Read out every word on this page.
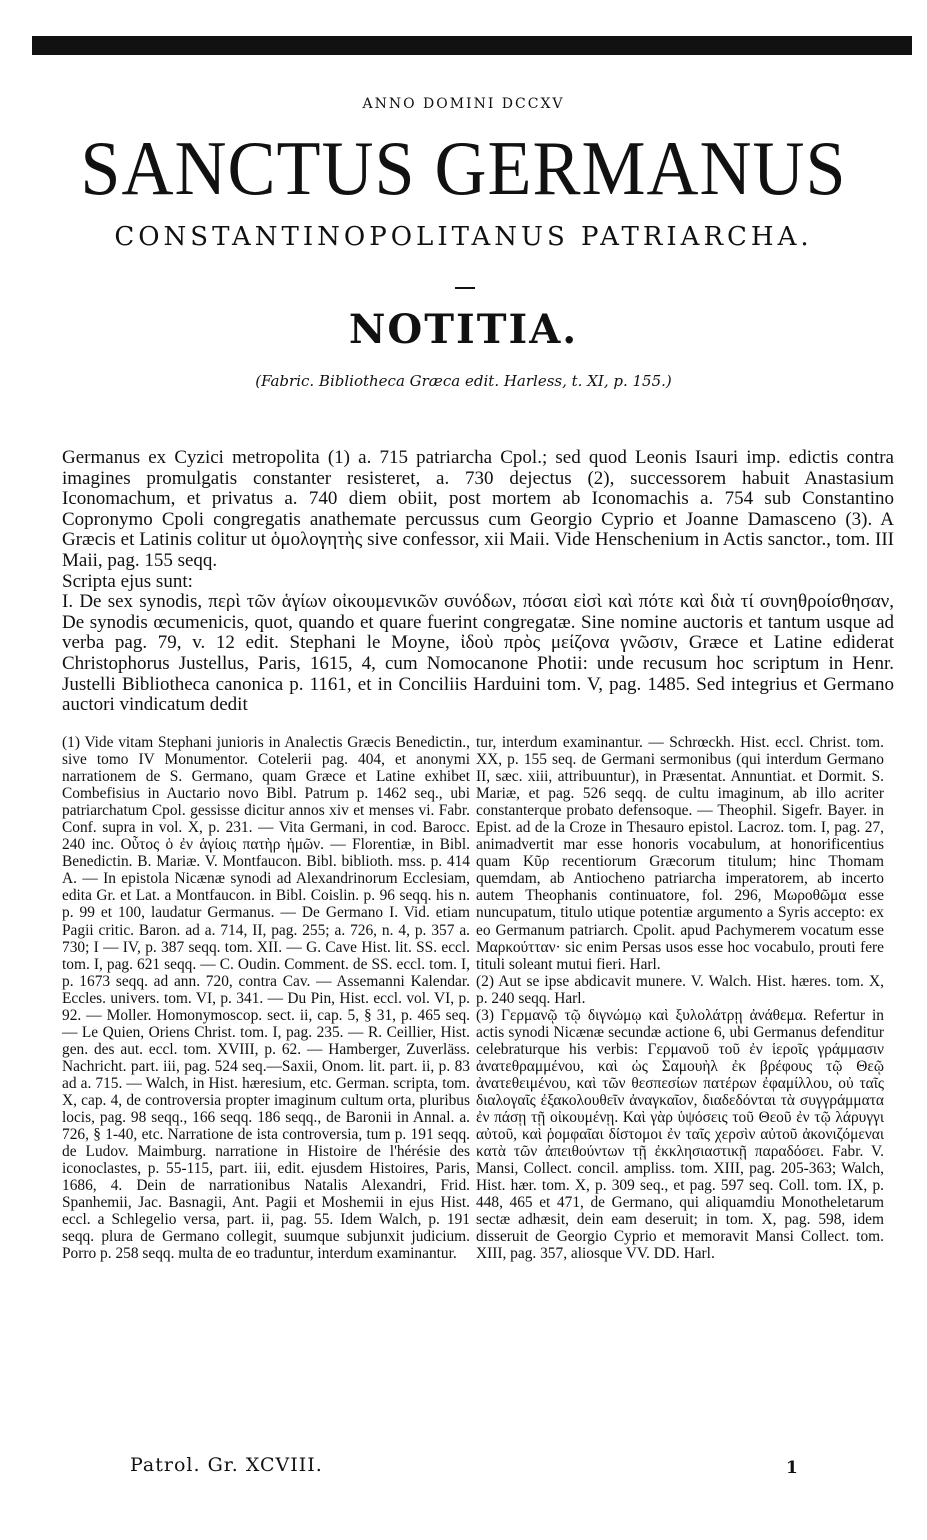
ANNO DOMINI DCCXV
SANCTUS GERMANUS
CONSTANTINOPOLITANUS PATRIARCHA.
NOTITIA.
(Fabric. Bibliotheca Græca edit. Harless, t. XI, p. 155.)

Germanus ex Cyzici metropolita (1) a. 715 patriarcha Cpol.; sed quod Leonis Isauri imp. edictis contra imagines promulgatis constanter resisteret, a. 730 dejectus (2), successorem habuit Anastasium Iconomachum, et privatus a. 740 diem obiit, post mortem ab Iconomachis a. 754 sub Constantino Copronymo Cpoli congregatis anathemate percussus cum Georgio Cyprio et Joanne Damasceno (3). A Græcis et Latinis colitur ut ὁμολογητὴς sive confessor, xii Maii. Vide Henschenium in Actis sanctor., tom. III Maii, pag. 155 seqq.

Scripta ejus sunt:

I. De sex synodis, περὶ τῶν ἁγίων οἰκουμενικῶν συνόδων, πόσαι εἰσὶ καὶ πότε καὶ διὰ τί συνηθροίσθησαν, De synodis œcumenicis, quot, quando et quare fuerint congregatæ. Sine nomine auctoris et tantum usque ad verba pag. 79, v. 12 edit. Stephani le Moyne, ἰδοὺ πρὸς μείζονα γνῶσιν, Græce et Latine ediderat Christophorus Justellus, Paris, 1615, 4, cum Nomocanone Photii: unde recusum hoc scriptum in Henr. Justelli Bibliotheca canonica p. 1161, et in Conciliis Harduini tom. V, pag. 1485. Sed integrius et Germano auctori vindicatum dedit

(1) Vide vitam Stephani junioris in Analectis Græcis Benedictin., sive tomo IV Monumentor. Cotelerii pag. 404, et anonymi narrationem de S. Germano, quam Græce et Latine exhibet Combefisius in Auctario novo Bibl. Patrum p. 1462 seq., ubi patriarchatum Cpol. gessisse dicitur annos xiv et menses vi. Fabr. Conf. supra in vol. X, p. 231. — Vita Germani, in cod. Barocc. 240 inc. Οὗτος ὁ ἐν ἁγίοις πατὴρ ἡμῶν. — Florentiæ, in Bibl. Benedictin. B. Mariæ. V. Montfaucon. Bibl. biblioth. mss. p. 414 A. — In epistola Nicænæ synodi ad Alexandrinorum Ecclesiam, edita Gr. et Lat. a Montfaucon. in Bibl. Coislin. p. 96 seqq. his n. p. 99 et 100, laudatur Germanus. — De Germano I. Vid. etiam Pagii critic. Baron. ad a. 714, II, pag. 255; a. 726, n. 4, p. 357 a. 730; I — IV, p. 387 seqq. tom. XII. — G. Cave Hist. lit. SS. eccl. tom. I, pag. 621 seqq. — C. Oudin. Comment. de SS. eccl. tom. I, p. 1673 seqq. ad ann. 720, contra Cav. — Assemanni Kalendar. Eccles. univers. tom. VI, p. 341. — Du Pin, Hist. eccl. vol. VI, p. 92. — Moller. Homonymoscop. sect. ii, cap. 5, § 31, p. 465 seq. — Le Quien, Oriens Christ. tom. I, pag. 235. — R. Ceillier, Hist. gen. des aut. eccl. tom. XVIII, p. 62. — Hamberger, Zuverläss. Nachricht. part. iii, pag. 524 seq.—Saxii, Onom. lit. part. ii, p. 83 ad a. 715. — Walch, in Hist. hæresium, etc. German. scripta, tom. X, cap. 4, de controversia propter imaginum cultum orta, pluribus locis, pag. 98 seqq., 166 seqq. 186 seqq., de Baronii in Annal. a. 726, § 1-40, etc. Narratione de ista controversia, tum p. 191 seqq. de Ludov. Maimburg. narratione in Histoire de l'hérésie des iconoclastes, p. 55-115, part. iii, edit. ejusdem Histoires, Paris, 1686, 4. Dein de narrationibus Natalis Alexandri, Frid. Spanhemii, Jac. Basnagii, Ant. Pagii et Moshemii in ejus Hist. eccl. a Schlegelio versa, part. ii, pag. 55. Idem Walch, p. 191 seqq. plura de Germano collegit, suumque subjunxit judicium. Porro p. 258 seqq. multa de eo traduntur, interdum examinantur.

tur, interdum examinantur. — Schrœckh. Hist. eccl. Christ. tom. XX, p. 155 seq. de Germani sermonibus (qui interdum Germano II, sæc. xiii, attribuuntur), in Præsentat. Annuntiat. et Dormit. S. Mariæ, et pag. 526 seqq. de cultu imaginum, ab illo acriter constanterque probato defensoque. — Theophil. Sigefr. Bayer. in Epist. ad de la Croze in Thesauro epistol. Lacroz. tom. I, pag. 27, animadvertit mar esse honoris vocabulum, at honorificentius quam Κῦρ recentiorum Græcorum titulum; hinc Thomam quemdam, ab Antiocheno patriarcha imperatorem, ab incerto autem Theophanis continuatore, fol. 296, Μωροθῶμα esse nuncupatum, titulo utique potentiæ argumento a Syris accepto: ex eo Germanum patriarch. Cpolit. apud Pachymerem vocatum esse Μαρκούτταν· sic enim Persas usos esse hoc vocabulo, prouti fere tituli soleant mutui fieri. Harl.

(2) Aut se ipse abdicavit munere. V. Walch. Hist. hæres. tom. X, p. 240 seqq. Harl.

(3) Γερμανῷ τῷ διγνώμῳ καὶ ξυλολάτρῃ ἀνάθεμα. Refertur in actis synodi Nicænæ secundæ actione 6, ubi Germanus defenditur celebraturque his verbis: Γερμανοῦ τοῦ ἐν ἱεροῖς γράμμασιν ἀνατεθραμμένου, καὶ ὡς Σαμουὴλ ἐκ βρέφους τῷ Θεῷ ἀνατεθειμένου, καὶ τῶν θεσπεσίων πατέρων ἐφαμίλλου, οὐ ταῖς διαλογαῖς ἐξακολουθεῖν ἀναγκαῖον, διαδεδόνται τὰ συγγράμματα ἐν πάσῃ τῇ οἰκουμένῃ. Καὶ γὰρ ὑψόσεις τοῦ Θεοῦ ἐν τῷ λάρυγγι αὐτοῦ, καὶ ῥομφαῖαι δίστομοι ἐν ταῖς χερσὶν αὐτοῦ ἀκονιζόμεναι κατὰ τῶν ἀπειθούντων τῇ ἐκκλησιαστικῇ παραδόσει. Fabr. V. Mansi, Collect. concil. ampliss. tom. XIII, pag. 205-363; Walch, Hist. hær. tom. X, p. 309 seq., et pag. 597 seq. Coll. tom. IX, p. 448, 465 et 471, de Germano, qui aliquamdiu Monotheletarum sectæ adhæsit, dein eam deseruit; in tom. X, pag. 598, idem disseruit de Georgio Cyprio et memoravit Mansi Collect. tom. XIII, pag. 357, aliosque VV. DD. Harl.

Patrol. Gr. XCVIII.	1
